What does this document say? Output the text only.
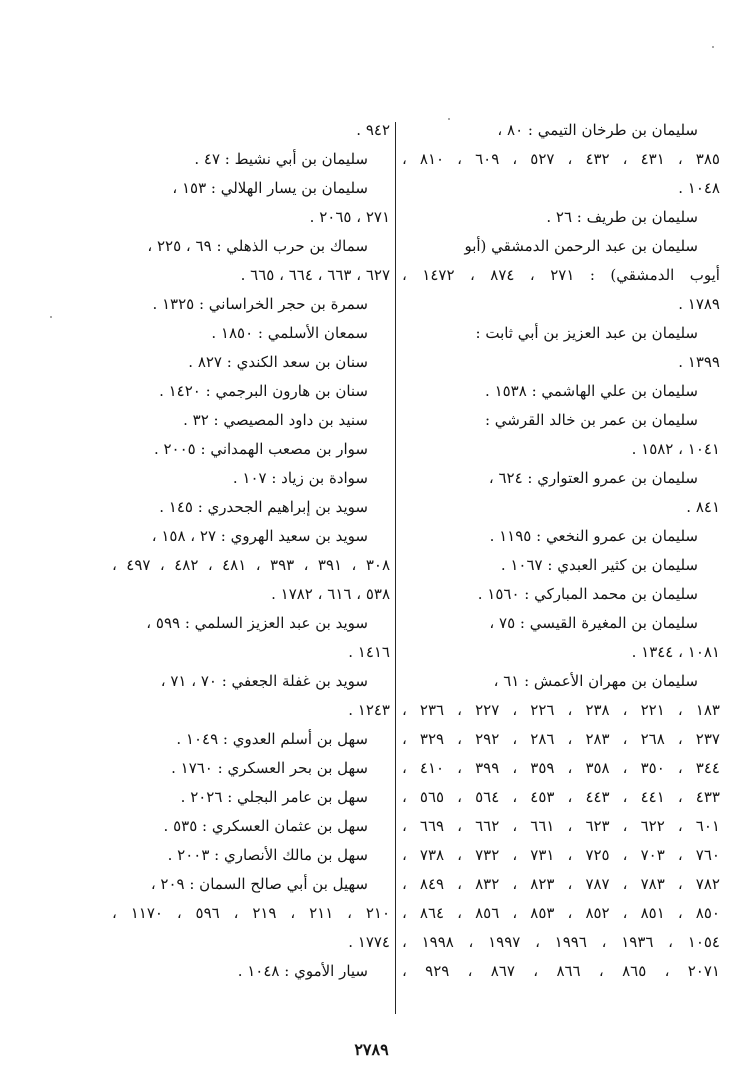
سليمان بن طرخان التيمي : ٨٠ ،
٣٨٥ ، ٤٣١ ، ٤٣٢ ، ٥٢٧ ، ٦٠٩ ، ٨١٠ ،
١٠٤٨ .
سليمان بن طريف : ٢٦ .
سليمان بن عبد الرحمن الدمشقي (أبو
أيوب الدمشقي) : ٢٧١ ، ٨٧٤ ، ١٤٧٢ ،
١٧٨٩ .
سليمان بن عبد العزيز بن أبي ثابت :
١٣٩٩ .
سليمان بن علي الهاشمي : ١٥٣٨ .
سليمان بن عمر بن خالد القرشي :
١٠٤١ ، ١٥٨٢ .
سليمان بن عمرو العتواري : ٦٢٤ ،
٨٤١ .
سليمان بن عمرو النخعي : ١١٩٥ .
سليمان بن كثير العبدي : ١٠٦٧ .
سليمان بن محمد المباركي : ١٥٦٠ .
سليمان بن المغيرة القيسي : ٧٥ ،
١٠٨١ ، ١٣٤٤ .
سليمان بن مهران الأعمش : ٦١ ،
١٨٣ ، ٢٢١ ، ٢٣٨ ، ٢٢٦ ، ٢٢٧ ، ٢٣٦ ،
٢٣٧ ، ٢٦٨ ، ٢٨٣ ، ٢٨٦ ، ٢٩٢ ، ٣٢٩ ،
٣٤٤ ، ٣٥٠ ، ٣٥٨ ، ٣٥٩ ، ٣٩٩ ، ٤١٠ ،
٤٣٣ ، ٤٤١ ، ٤٤٣ ، ٤٥٣ ، ٥٦٤ ، ٥٦٥ ،
٦٠١ ، ٦٢٢ ، ٦٢٣ ، ٦٦١ ، ٦٦٢ ، ٦٦٩ ،
٧٦٠ ، ٧٠٣ ، ٧٢٥ ، ٧٣١ ، ٧٣٢ ، ٧٣٨ ،
٧٨٢ ، ٧٨٣ ، ٧٨٧ ، ٨٢٣ ، ٨٣٢ ، ٨٤٩ ،
٨٥٠ ، ٨٥١ ، ٨٥٢ ، ٨٥٣ ، ٨٥٦ ، ٨٦٤ ،
١٠٥٤ ، ١٩٣٦ ، ١٩٩٦ ، ١٩٩٧ ، ١٩٩٨ ،
٢٠٧١ ، ٨٦٥ ، ٨٦٦ ، ٨٦٧ ، ٩٢٩ ،
٩٤٢ .
سليمان بن أبي نشيط : ٤٧ .
سليمان بن يسار الهلالي : ١٥٣ ،
٢٧١ ، ٢٠٦٥ .
سماك بن حرب الذهلي : ٦٩ ، ٢٢٥ ،
٦٢٧ ، ٦٦٣ ، ٦٦٤ ، ٦٦٥ .
سمرة بن حجر الخراساني : ١٣٢٥ .
سمعان الأسلمي : ١٨٥٠ .
سنان بن سعد الكندي : ٨٢٧ .
سنان بن هارون البرجمي : ١٤٢٠ .
سنيد بن داود المصيصي : ٣٢ .
سوار بن مصعب الهمداني : ٢٠٠٥ .
سوادة بن زياد : ١٠٧ .
سويد بن إبراهيم الجحدري : ١٤٥ .
سويد بن سعيد الهروي : ٢٧ ، ١٥٨ ،
٣٠٨ ، ٣٩١ ، ٣٩٣ ، ٤٨١ ، ٤٨٢ ، ٤٩٧ ،
٥٣٨ ، ٦١٦ ، ١٧٨٢ .
سويد بن عبد العزيز السلمي : ٥٩٩ ،
١٤١٦ .
سويد بن غفلة الجعفي : ٧٠ ، ٧١ ،
١٢٤٣ .
سهل بن أسلم العدوي : ١٠٤٩ .
سهل بن بحر العسكري : ١٧٦٠ .
سهل بن عامر البجلي : ٢٠٢٦ .
سهل بن عثمان العسكري : ٥٣٥ .
سهل بن مالك الأنصاري : ٢٠٠٣ .
سهيل بن أبي صالح السمان : ٢٠٩ ،
٢١٠ ، ٢١١ ، ٢١٩ ، ٥٩٦ ، ١١٧٠ ،
١٧٧٤ .
سيار الأموي : ١٠٤٨ .
٢٧٨٩
